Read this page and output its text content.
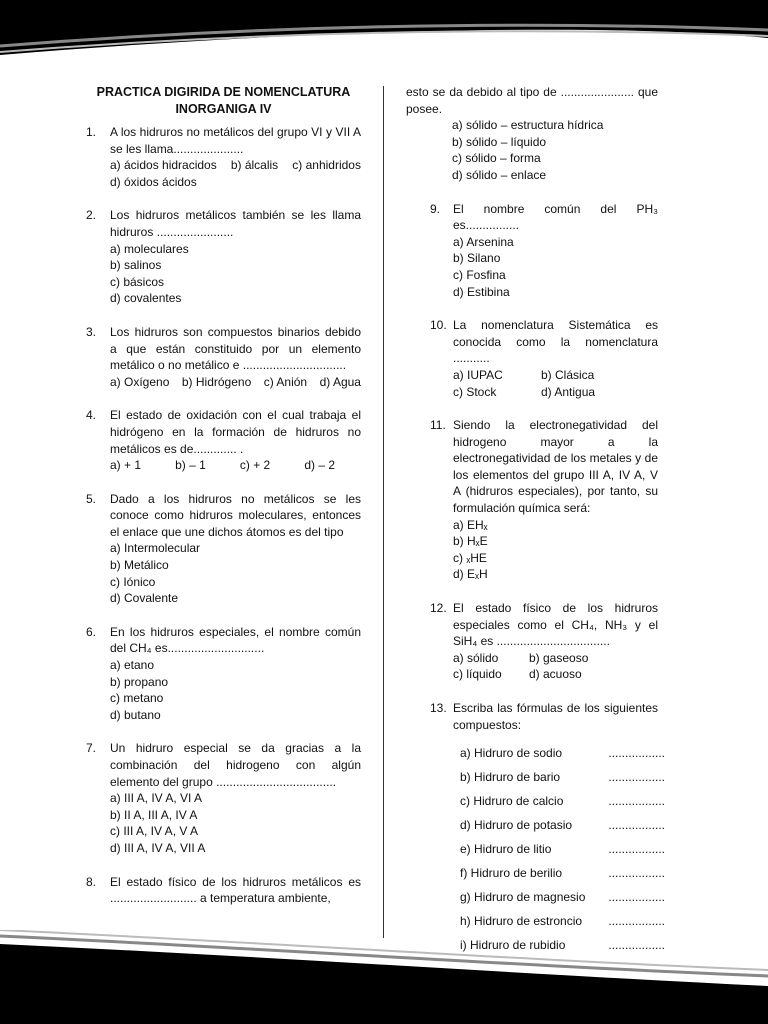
PRACTICA DIGIRIDA DE NOMENCLATURA INORGANIGA IV
1.	A los hidruros no metálicos del grupo VI y VII A se les llama.....................
a) ácidos hidracidos b) álcalis c) anhidridos
d) óxidos ácidos
2.	Los hidruros metálicos también se les llama hidruros .......................
a) moleculares
b) salinos
c) básicos
d) covalentes
3.	Los hidruros son compuestos binarios debido a que están constituido por un elemento metálico o no metálico e ...............................
a) Oxígeno b) Hidrógeno c) Anión d) Agua
4.	El estado de oxidación con el cual trabaja el hidrógeno en la formación de hidruros no metálicos es de............. .
a) + 1	b) – 1	c) + 2	d) – 2
5.	Dado a los hidruros no metálicos se les conoce como hidruros moleculares, entonces el enlace que une dichos átomos es del tipo
a) Intermolecular
b) Metálico
c) Iónico
d) Covalente
6.	En los hidruros especiales, el nombre común del CH₄ es.............................
a) etano
b) propano
c) metano
d) butano
7.	Un hidruro especial se da gracias a la combinación del hidrogeno con algún elemento del grupo ....................................
a) III A, IV A, VI A
b) II A, III A, IV A
c) III A, IV A, V A
d) III A, IV A, VII A
8.	El estado físico de los hidruros metálicos es .......................... a temperatura ambiente,
esto se da debido al tipo de ...................... que posee.
a) sólido – estructura hídrica
b) sólido – líquido
c) sólido – forma
d) sólido – enlace
9.	El nombre común del PH₃ es................
a) Arsenina
b) Silano
c) Fosfina
d) Estibina
10. La nomenclatura Sistemática es conocida como la nomenclatura ...........
a) IUPAC	b) Clásica
c) Stock	d) Antigua
11. Siendo la electronegatividad del hidrogeno mayor a la electronegatividad de los metales y de los elementos del grupo III A, IV A, V A (hidruros especiales), por tanto, su formulación química será:
a) EHₓ
b) HₓE
c) ₓHE
d) EₓH
12. El estado físico de los hidruros especiales como el CH₄, NH₃ y el SiH₄ es ..................................
a) sólido	b) gaseoso
c) líquido	d) acuoso
13. Escriba las fórmulas de los siguientes compuestos:
a) Hidruro de sodio	.................
b) Hidruro de bario	.................
c) Hidruro de calcio	.................
d) Hidruro de potasio	.................
e) Hidruro de litio	.................
f) Hidruro de berilio	.................
g) Hidruro de magnesio .................
h) Hidruro de estroncio .................
i) Hidruro de rubidio	.................
